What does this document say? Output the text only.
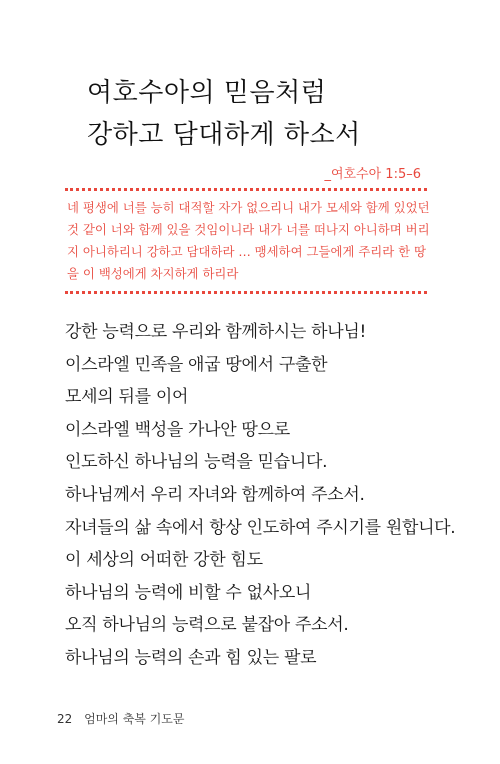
여호수아의 믿음처럼
강하고 담대하게 하소서
_여호수아 1:5–6
네 평생에 너를 능히 대적할 자가 없으리니 내가 모세와 함께 있었던
것 같이 너와 함께 있을 것임이니라 내가 너를 떠나지 아니하며 버리
지 아니하리니 강하고 담대하라 … 맹세하여 그들에게 주리라 한 땅
을 이 백성에게 차지하게 하리라
강한 능력으로 우리와 함께하시는 하나님!
이스라엘 민족을 애굽 땅에서 구출한
모세의 뒤를 이어
이스라엘 백성을 가나안 땅으로
인도하신 하나님의 능력을 믿습니다.
하나님께서 우리 자녀와 함께하여 주소서.
자녀들의 삶 속에서 항상 인도하여 주시기를 원합니다.
이 세상의 어떠한 강한 힘도
하나님의 능력에 비할 수 없사오니
오직 하나님의 능력으로 붙잡아 주소서.
하나님의 능력의 손과 힘 있는 팔로
22 엄마의 축복 기도문
